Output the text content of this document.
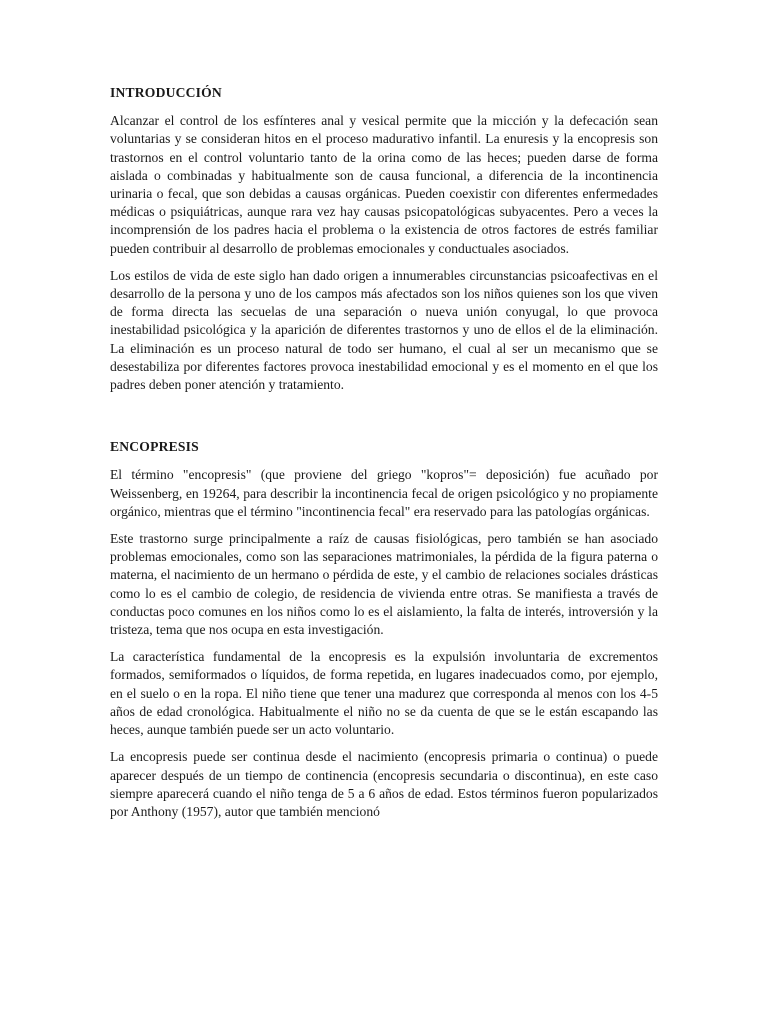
INTRODUCCIÓN

Alcanzar el control de los esfínteres anal y vesical permite que la micción y la defecación sean voluntarias y se consideran hitos en el proceso madurativo infantil. La enuresis y la encopresis son trastornos en el control voluntario tanto de la orina como de las heces; pueden darse de forma aislada o combinadas y habitualmente son de causa funcional, a diferencia de la incontinencia urinaria o fecal, que son debidas a causas orgánicas. Pueden coexistir con diferentes enfermedades médicas o psiquiátricas, aunque rara vez hay causas psicopatológicas subyacentes. Pero a veces la incomprensión de los padres hacia el problema o la existencia de otros factores de estrés familiar pueden contribuir al desarrollo de problemas emocionales y conductuales asociados.

Los estilos de vida de este siglo han dado origen a innumerables circunstancias psicoafectivas en el desarrollo de la persona y uno de los campos más afectados son los niños quienes son los que viven de forma directa las secuelas de una separación o nueva unión conyugal, lo que provoca inestabilidad psicológica y la aparición de diferentes trastornos y uno de ellos el de la eliminación. La eliminación es un proceso natural de todo ser humano, el cual al ser un mecanismo que se desestabiliza por diferentes factores provoca inestabilidad emocional y es el momento en el que los padres deben poner atención y tratamiento.

ENCOPRESIS

El término "encopresis" (que proviene del griego "kopros"= deposición) fue acuñado por Weissenberg, en 19264, para describir la incontinencia fecal de origen psicológico y no propiamente orgánico, mientras que el término "incontinencia fecal" era reservado para las patologías orgánicas.

Este trastorno surge principalmente a raíz de causas fisiológicas, pero también se han asociado problemas emocionales, como son las separaciones matrimoniales, la pérdida de la figura paterna o materna, el nacimiento de un hermano o pérdida de este, y el cambio de relaciones sociales drásticas como lo es el cambio de colegio, de residencia de vivienda entre otras. Se manifiesta a través de conductas poco comunes en los niños como lo es el aislamiento, la falta de interés, introversión y la tristeza, tema que nos ocupa en esta investigación.

La característica fundamental de la encopresis es la expulsión involuntaria de excrementos formados, semiformados o líquidos, de forma repetida, en lugares inadecuados como, por ejemplo, en el suelo o en la ropa. El niño tiene que tener una madurez que corresponda al menos con los 4-5 años de edad cronológica. Habitualmente el niño no se da cuenta de que se le están escapando las heces, aunque también puede ser un acto voluntario.

La encopresis puede ser continua desde el nacimiento (encopresis primaria o continua) o puede aparecer después de un tiempo de continencia (encopresis secundaria o discontinua), en este caso siempre aparecerá cuando el niño tenga de 5 a 6 años de edad. Estos términos fueron popularizados por Anthony (1957), autor que también mencionó
